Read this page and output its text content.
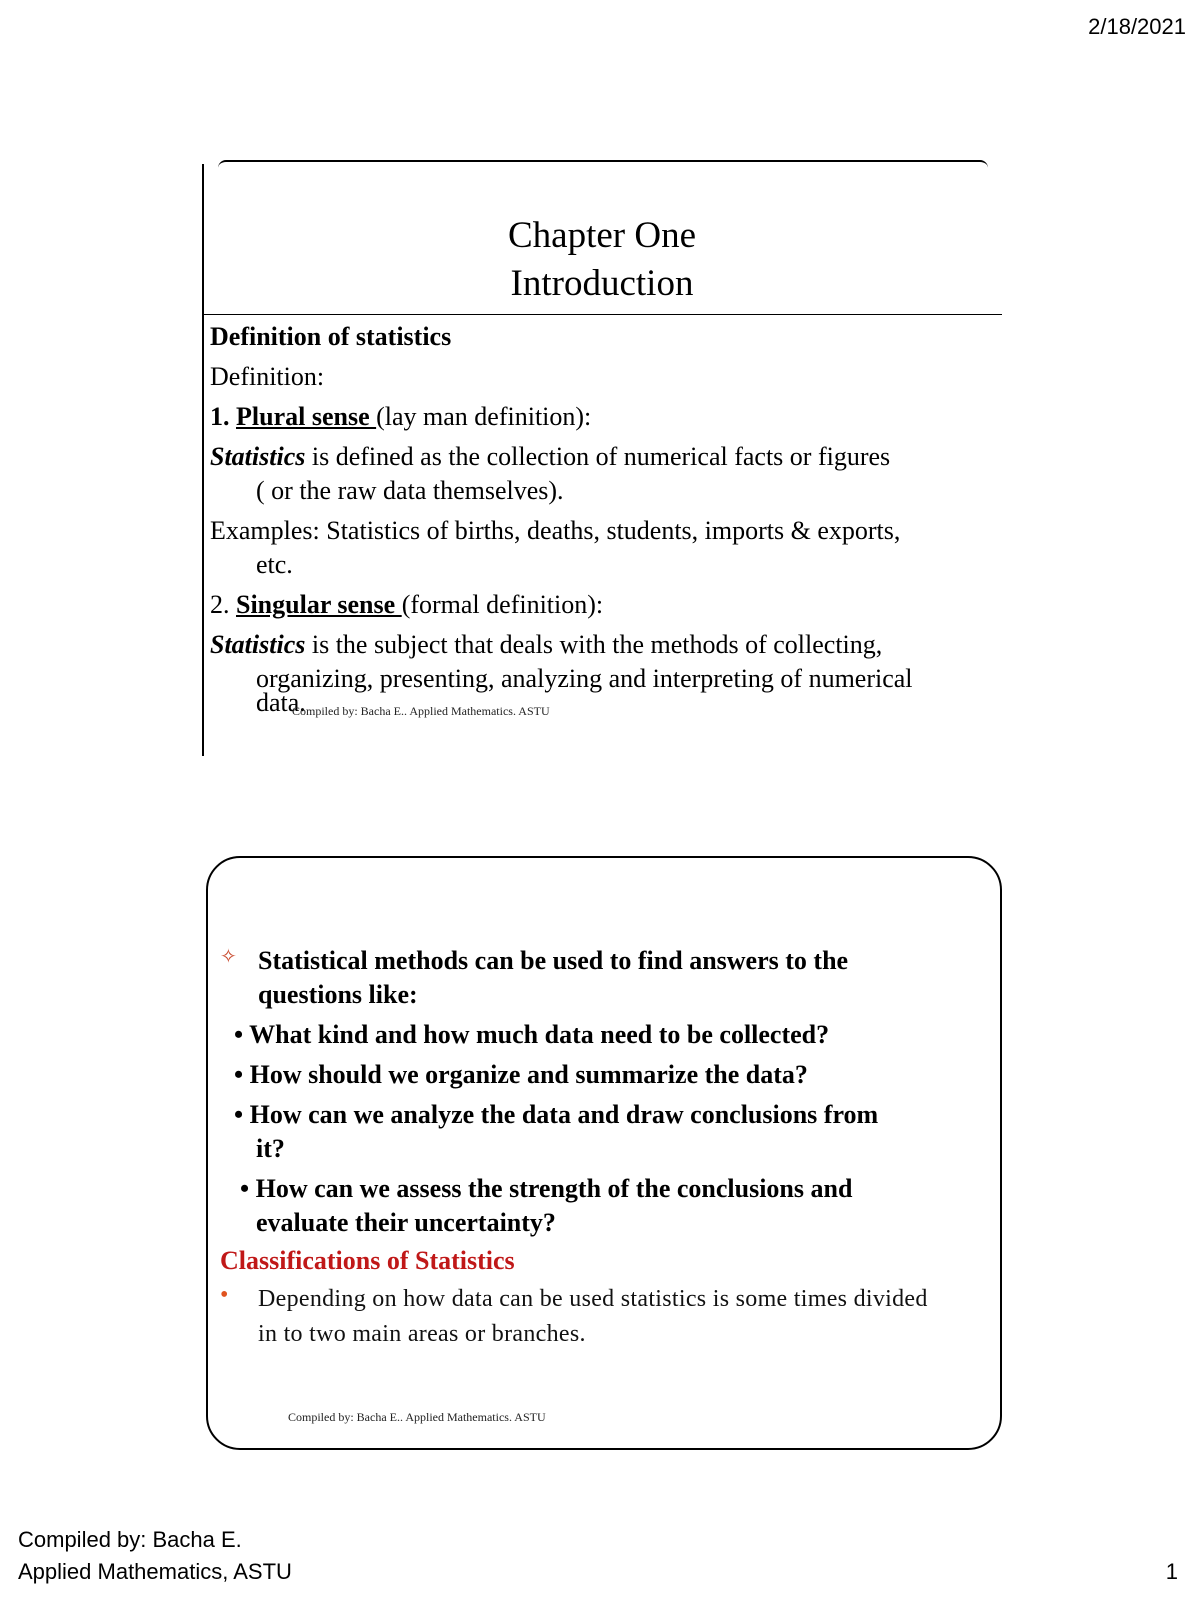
2/18/2021
Chapter One
Introduction

Definition of statistics

Definition:

1. Plural sense (lay man definition):

Statistics is defined as the collection of numerical facts or figures

( or the raw data themselves).

Examples: Statistics of births, deaths, students, imports & exports,

etc.

2. Singular sense (formal definition):

Statistics is the subject that deals with the methods of collecting,

organizing, presenting, analyzing and interpreting of numerical

data.

Compiled by: Bacha E.. Applied Mathematics. ASTU
✧ Statistical methods can be used to find answers to the

questions like:

• What kind and how much data need to be collected?

• How should we organize and summarize the data?

• How can we analyze the data and draw conclusions from

it?

• How can we assess the strength of the conclusions and

evaluate their uncertainty?

Classifications of Statistics
•	Depending on how data can be used statistics is some times divided

in to two main areas or branches.

Compiled by: Bacha E.. Applied Mathematics. ASTU
Compiled by: Bacha E.
Applied Mathematics, ASTU	1
